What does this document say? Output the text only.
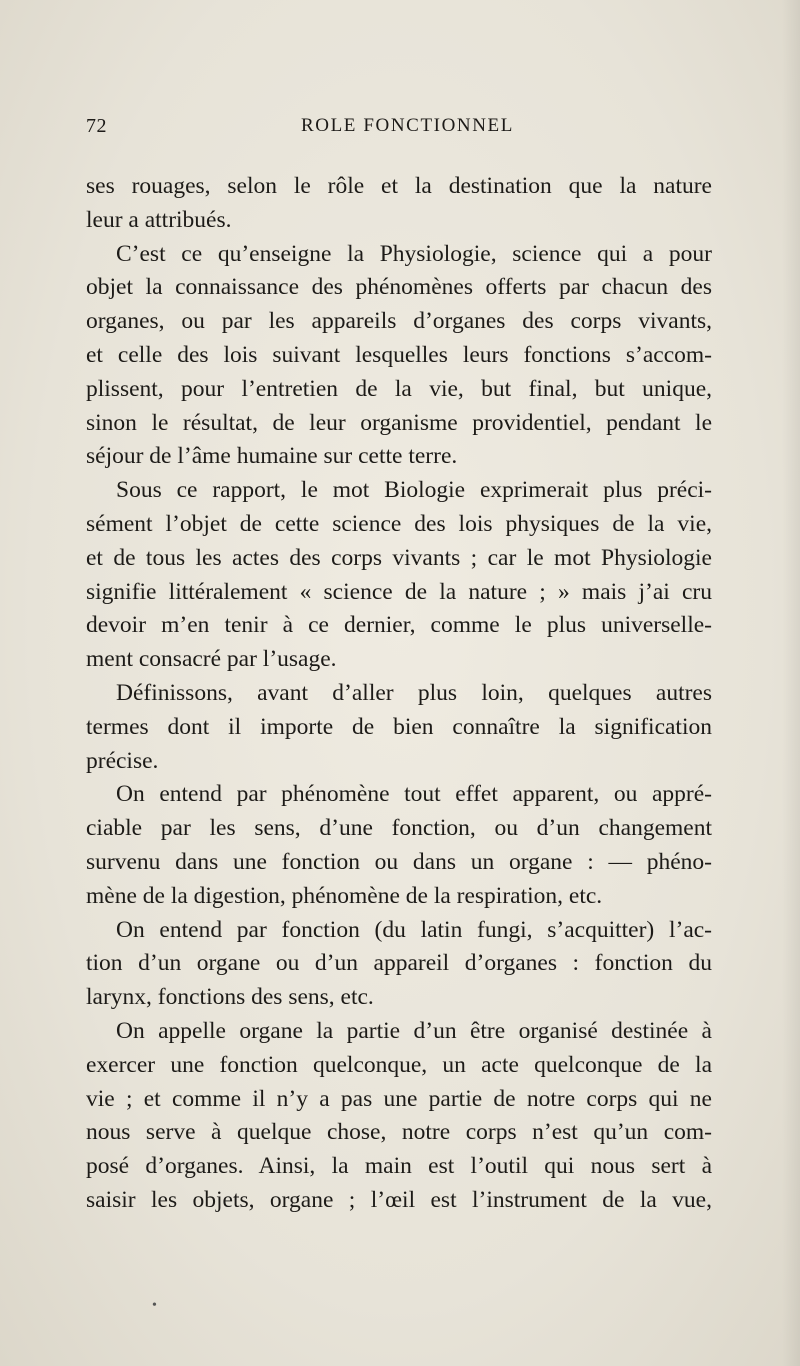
72	ROLE FONCTIONNEL
ses rouages, selon le rôle et la destination que la nature
leur a attribués.
C’est ce qu’enseigne la Physiologie, science qui a pour
objet la connaissance des phénomènes offerts par chacun des
organes, ou par les appareils d’organes des corps vivants,
et celle des lois suivant lesquelles leurs fonctions s’accom-
plissent, pour l’entretien de la vie, but final, but unique,
sinon le résultat, de leur organisme providentiel, pendant le
séjour de l’âme humaine sur cette terre.
Sous ce rapport, le mot Biologie exprimerait plus préci-
sément l’objet de cette science des lois physiques de la vie,
et de tous les actes des corps vivants ; car le mot Physiologie
signifie littéralement « science de la nature ; » mais j’ai cru
devoir m’en tenir à ce dernier, comme le plus universelle-
ment consacré par l’usage.
Définissons, avant d’aller plus loin, quelques autres
termes dont il importe de bien connaître la signification
précise.
On entend par phénomène tout effet apparent, ou appré-
ciable par les sens, d’une fonction, ou d’un changement
survenu dans une fonction ou dans un organe : — phéno-
mène de la digestion, phénomène de la respiration, etc.
On entend par fonction (du latin fungi, s’acquitter) l’ac-
tion d’un organe ou d’un appareil d’organes : fonction du
larynx, fonctions des sens, etc.
On appelle organe la partie d’un être organisé destinée à
exercer une fonction quelconque, un acte quelconque de la
vie ; et comme il n’y a pas une partie de notre corps qui ne
nous serve à quelque chose, notre corps n’est qu’un com-
posé d’organes. Ainsi, la main est l’outil qui nous sert à
saisir les objets, organe ; l’œil est l’instrument de la vue,
•
